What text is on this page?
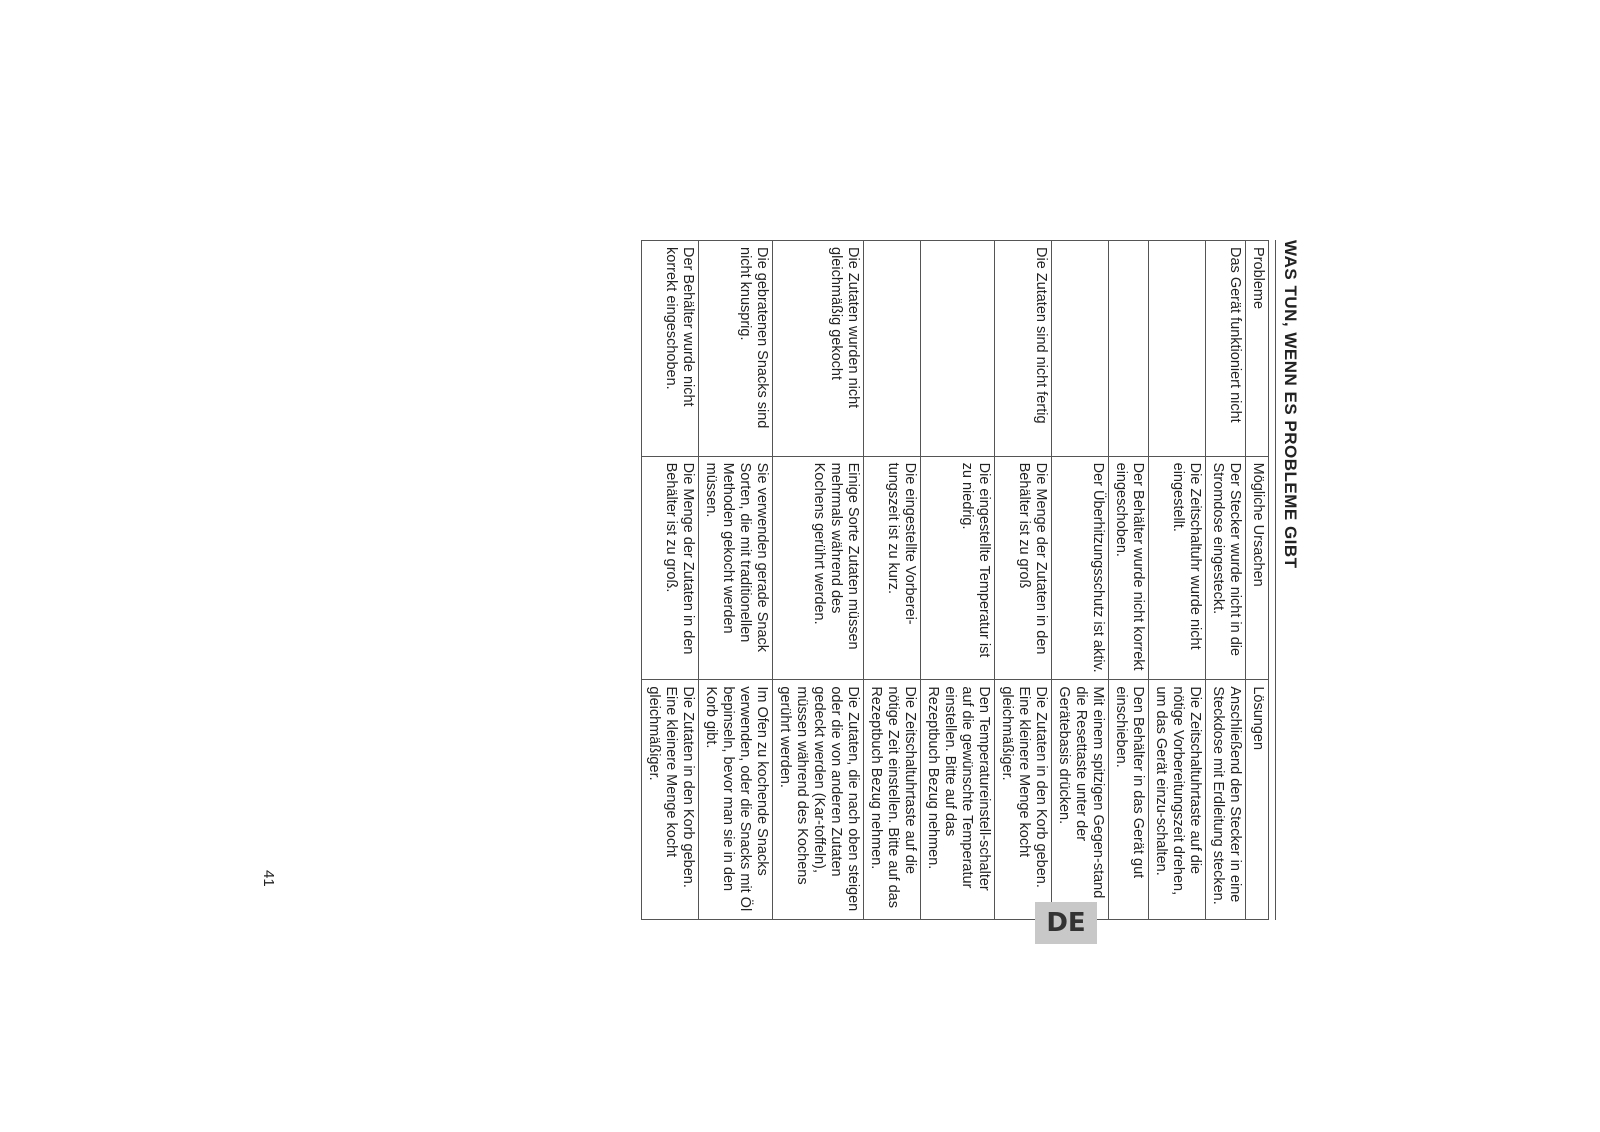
WAS TUN, WENN ES PROBLEME GIBT
Probleme	Mögliche Ursachen	Lösungen
Das Gerät funktioniert nicht	Der Stecker wurde nicht in die Stromdose eingesteckt.	Anschließend den Stecker in eine Steckdose mit Erdleitung stecken.
	Die Zeitschaltuhr wurde nicht eingestellt.	Die Zeitschaltuhrtaste auf die nötige Vorbereitungszeit drehen, um das Gerät einzu-schalten.
	Der Behälter wurde nicht korrekt eingeschoben.	Den Behälter in das Gerät gut einschieben.
	Der Überhitzungsschutz ist aktiv.	Mit einem spitzigen Gegen-stand die Resettaste unter der Gerätebasis drücken.
Die Zutaten sind nicht fertig	Die Menge der Zutaten in den Behälter ist zu groß	Die Zutaten in den Korb geben. Eine kleinere Menge kocht gleichmäßiger.
	Die eingestellte Temperatur ist zu niedrig.	Den Temperatureinstell-schalter auf die gewünschte Temperatur einstellen. Bitte auf das Rezeptbuch Bezug nehmen.
	Die eingestellte Vorberei-tungszeit ist zu kurz.	Die Zeitschaltuhrtaste auf die nötige Zeit einstellen. Bitte auf das Rezeptbuch Bezug nehmen.
Die Zutaten wurden nicht gleichmäßig gekocht	Einige Sorte Zutaten müssen mehrmals während des Kochens gerührt werden.	Die Zutaten, die nach oben steigen oder die von anderen Zutaten gedeckt werden (Kar-toffeln), müssen während des Kochens gerührt werden.
Die gebratenen Snacks sind nicht knusprig.	Sie verwenden gerade Snack Sorten, die mit traditionellen Methoden gekocht werden müssen.	Im Ofen zu kochende Snacks verwenden, oder die Snacks mit Öl bepinseln, bevor man sie in den Korb gibt.
Der Behälter wurde nicht korrekt eingeschoben.	Die Menge der Zutaten in den Behälter ist zu groß.	Die Zutaten in den Korb geben. Eine kleinere Menge kocht gleichmäßiger.
41
DE
